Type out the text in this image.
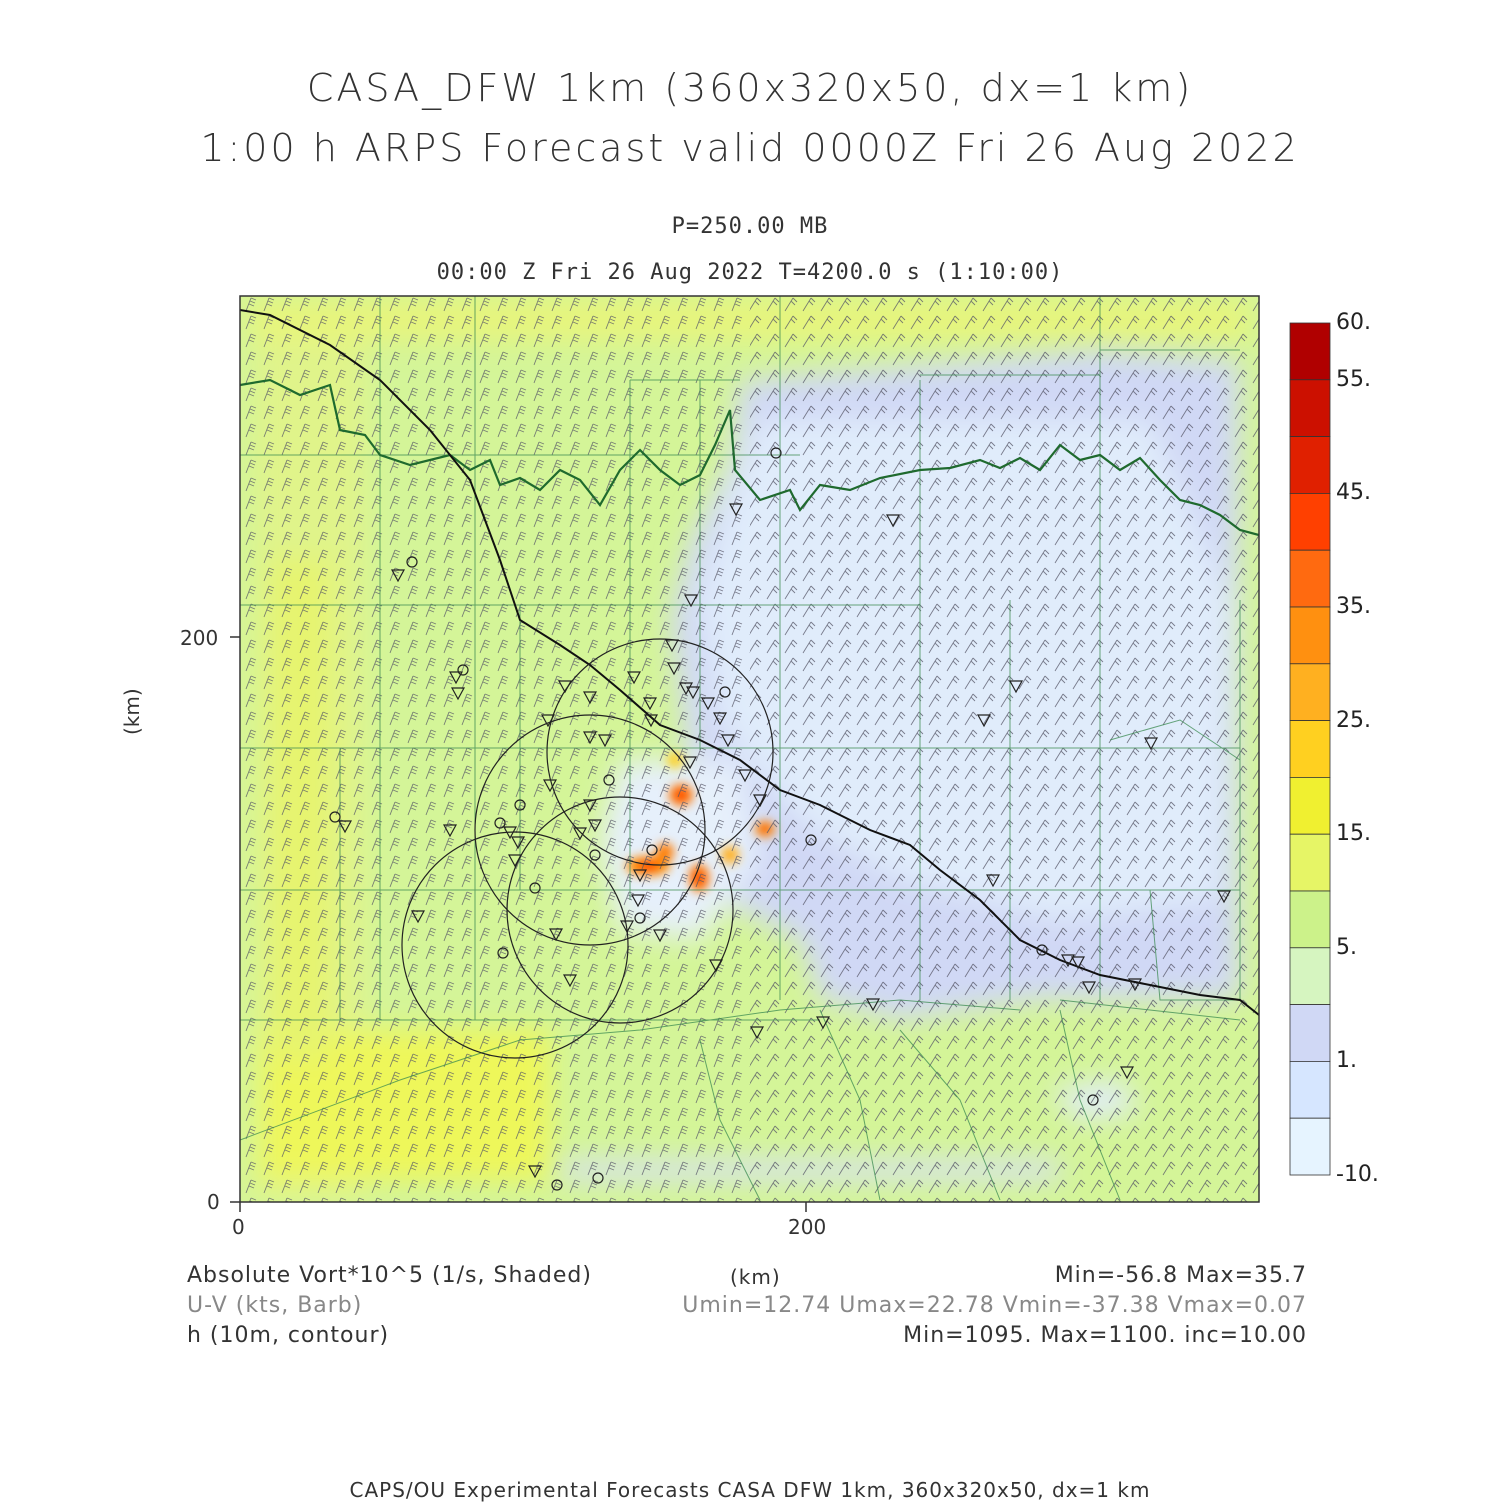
CASA_DFW 1km (360x320x50, dx=1 km)
1:00 h ARPS Forecast valid 0000Z Fri 26 Aug 2022
P=250.00 MB
00:00 Z Fri 26 Aug 2022 T=4200.0 s (1:10:00)
(km)
0
200
0	200
60.
55.
45.
35.
25.
15.
5.
1.
-10.
Absolute Vort*10^5 (1/s, Shaded)	(km)	Min=-56.8 Max=35.7
U-V (kts, Barb)	Umin=12.74 Umax=22.78 Vmin=-37.38 Vmax=0.07
h (10m, contour)	Min=1095. Max=1100. inc=10.00
CAPS/OU Experimental Forecasts CASA DFW 1km, 360x320x50, dx=1 km
